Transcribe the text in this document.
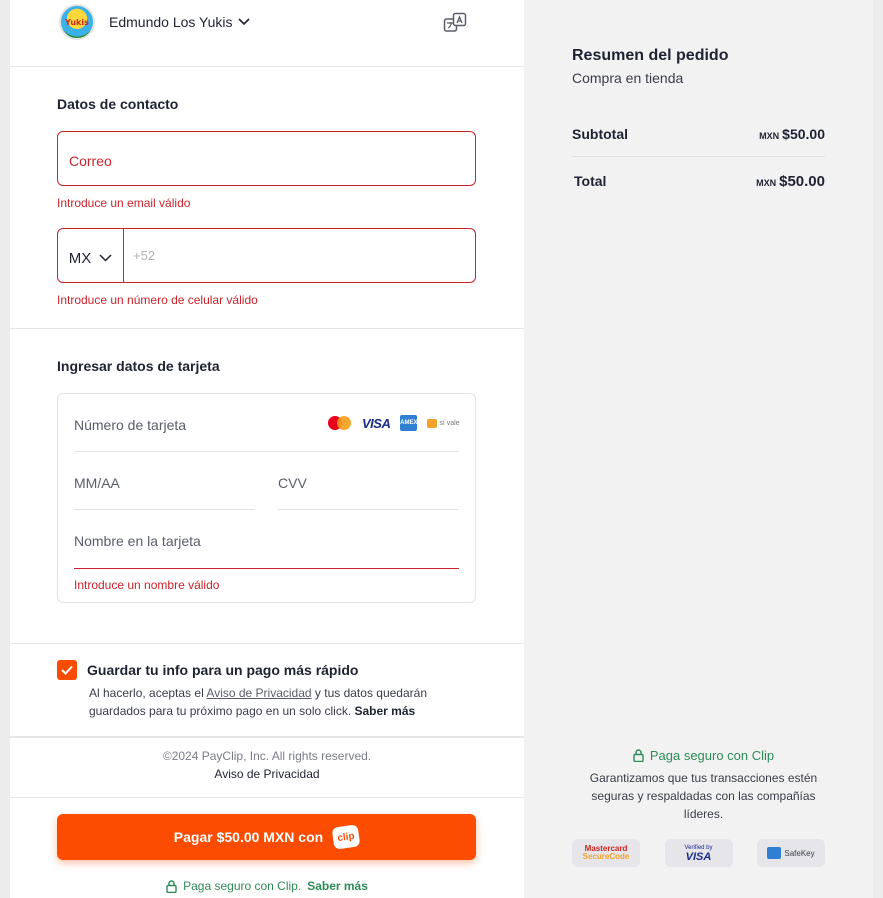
Yukis Edmundo Los Yukis
Datos de contacto
Correo
Introduce un email válido
MX	+52
Introduce un número de celular válido
Ingresar datos de tarjeta
Número de tarjeta	VISA AMEX	sí vale
MM/AA	CVV
Nombre en la tarjeta
Introduce un nombre válido
Guardar tu info para un pago más rápido
Al hacerlo, aceptas el Aviso de Privacidad y tus datos quedarán guardados para tu próximo pago en un solo click. Saber más
©2024 PayClip, Inc. All rights reserved.
Aviso de Privacidad
Pagar $50.00 MXN con	clip
Paga seguro con Clip. Saber más
Resumen del pedido
Compra en tienda
Subtotal	MXN $50.00
Total	MXN $50.00
Paga seguro con Clip
Garantizamos que tus transacciones estén seguras y respaldadas con las compañías líderes.
Mastercard
SecureCode
Verified by
VISA	SafeKey
